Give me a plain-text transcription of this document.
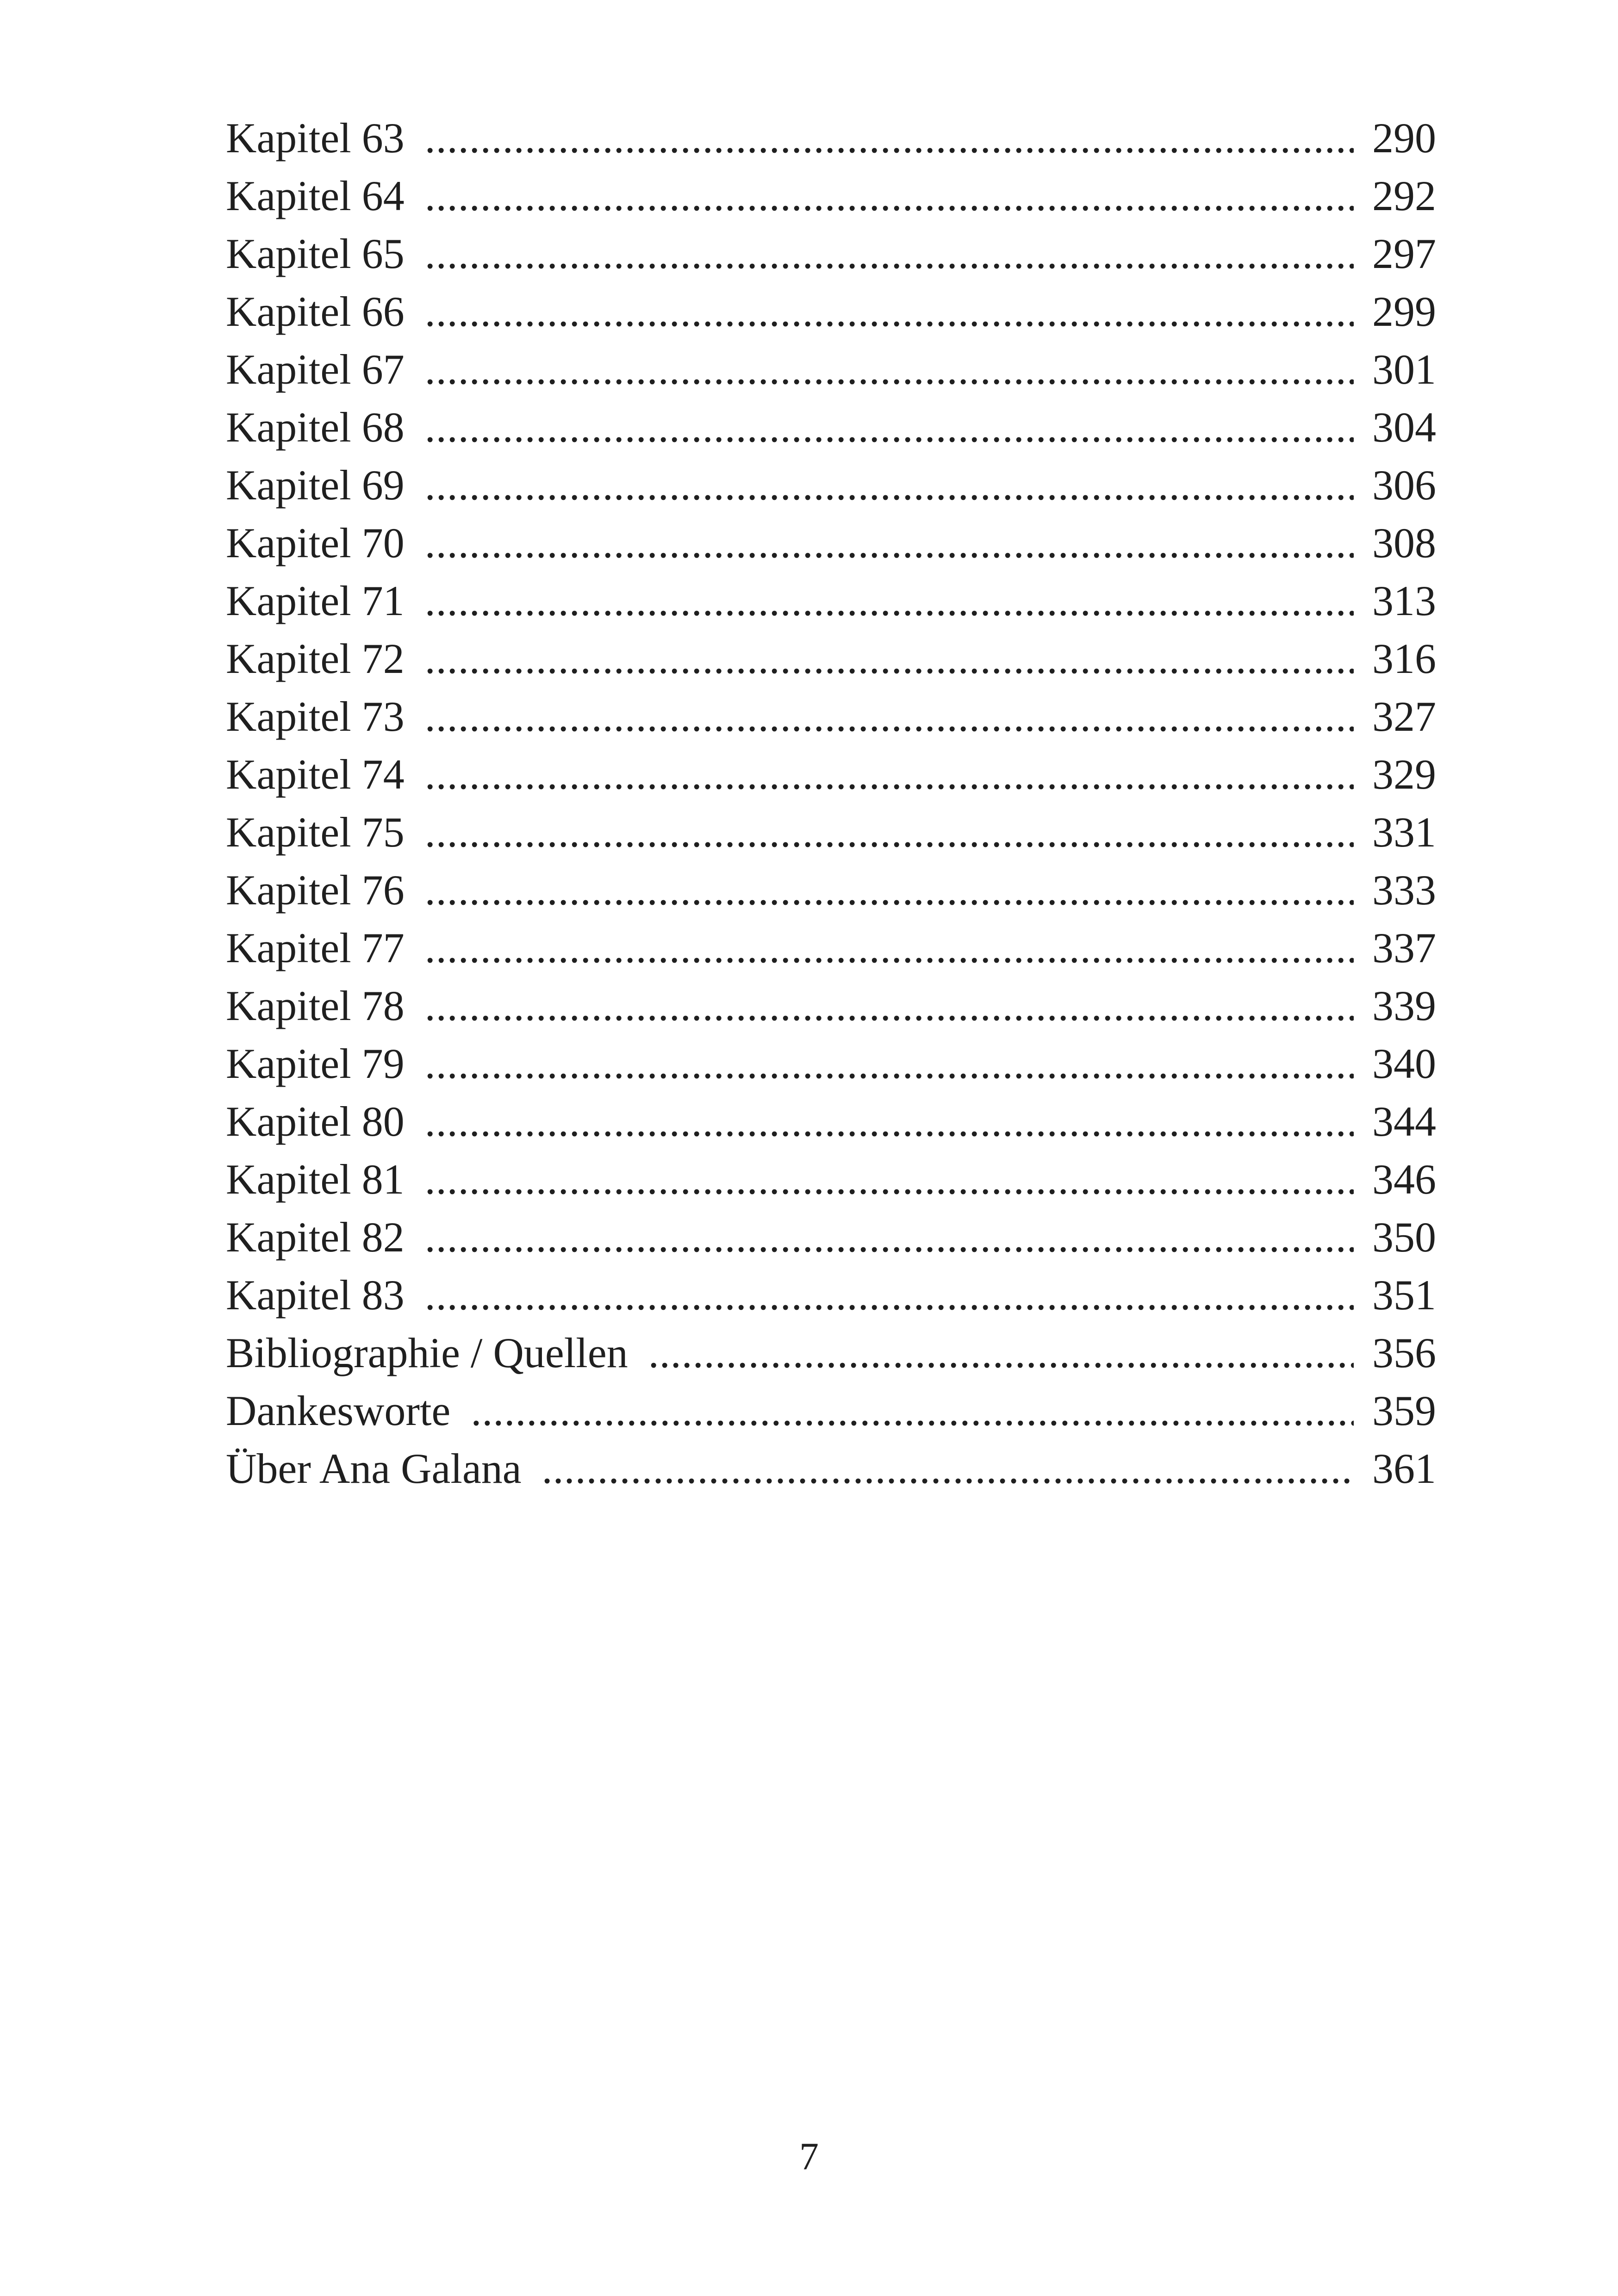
Kapitel 63 .....	290
Kapitel 64 .....	292
Kapitel 65 .....	297
Kapitel 66 .....	299
Kapitel 67 .....	301
Kapitel 68 .....	304
Kapitel 69 .....	306
Kapitel 70 .....	308
Kapitel 71 .....	313
Kapitel 72 .....	316
Kapitel 73 .....	327
Kapitel 74 .....	329
Kapitel 75 .....	331
Kapitel 76 .....	333
Kapitel 77 .....	337
Kapitel 78 .....	339
Kapitel 79 .....	340
Kapitel 80 .....	344
Kapitel 81 .....	346
Kapitel 82 .....	350
Kapitel 83 .....	351
Bibliographie / Quellen .....	356
Dankesworte .....	359
Über Ana Galana .....	361
7
